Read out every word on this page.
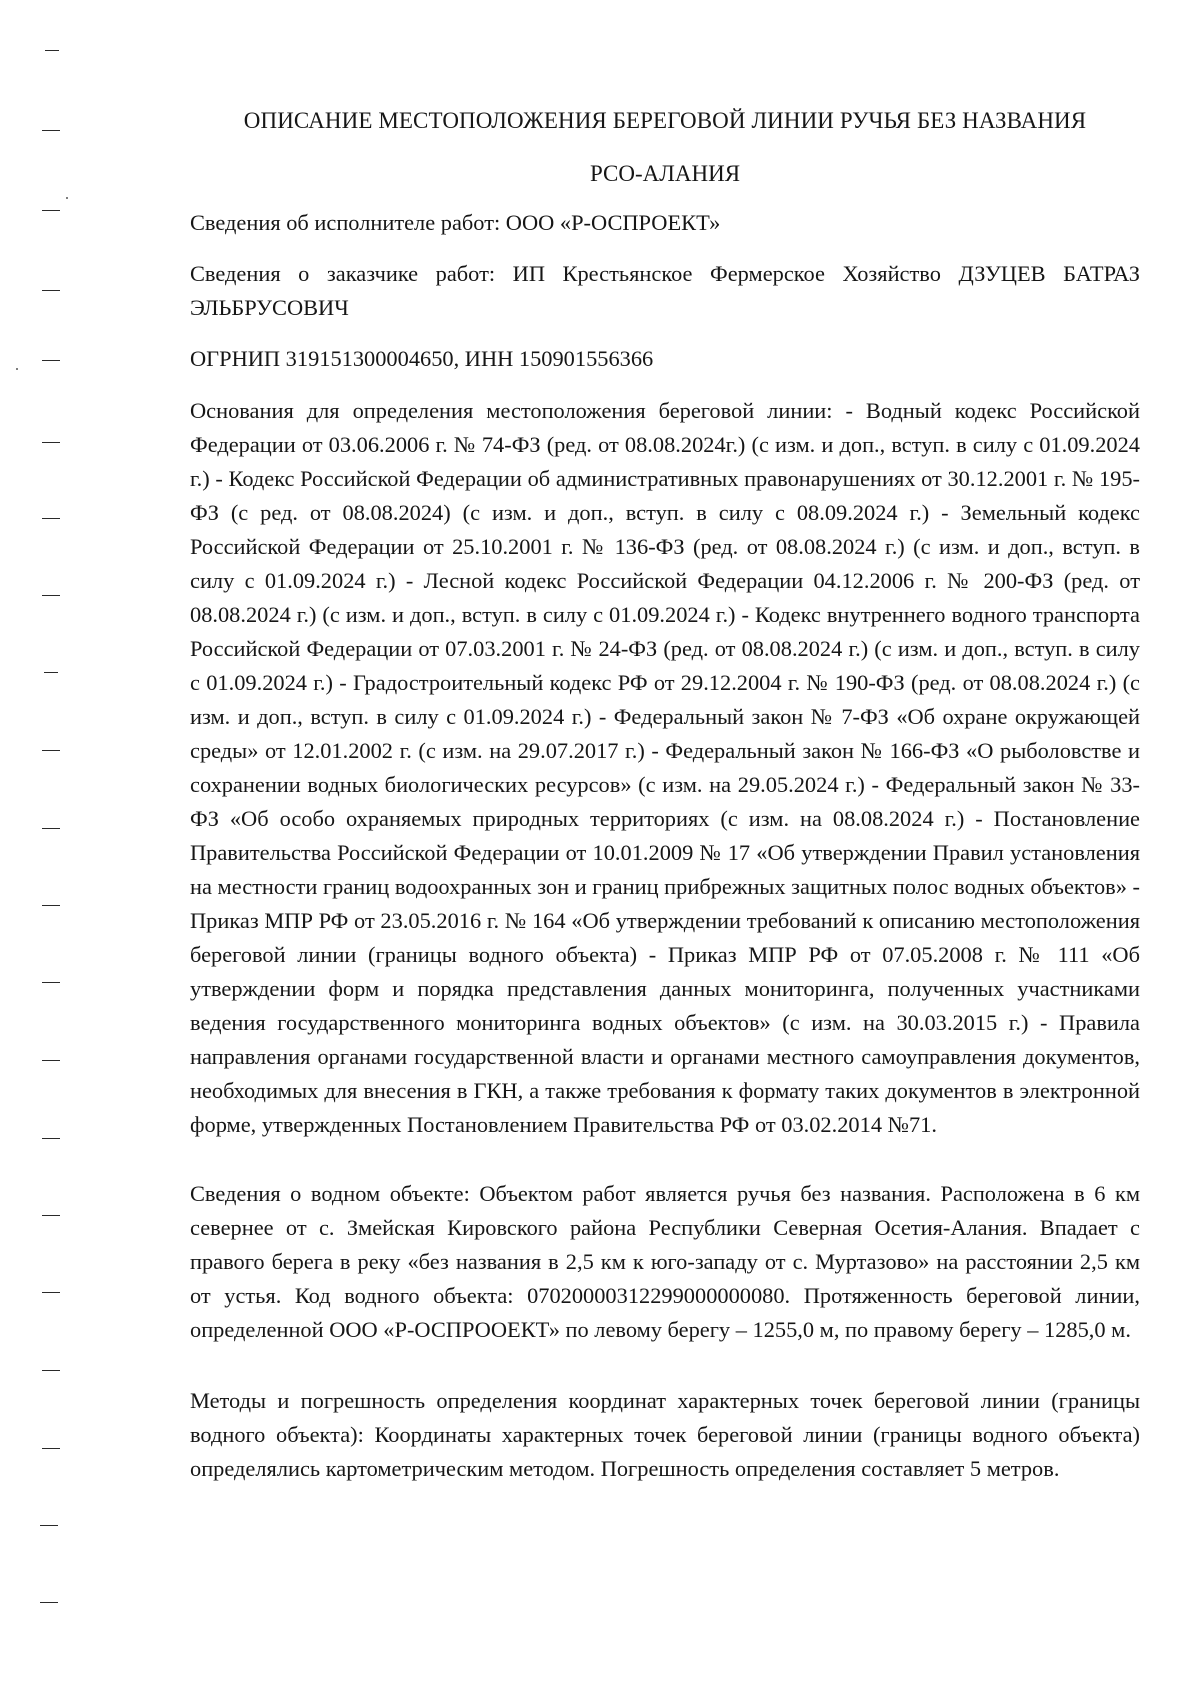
ОПИСАНИЕ МЕСТОПОЛОЖЕНИЯ БЕРЕГОВОЙ ЛИНИИ РУЧЬЯ БЕЗ НАЗВАНИЯ
РСО-АЛАНИЯ

Сведения об исполнителе работ: ООО «Р-ОСПРОЕКТ»

Сведения о заказчике работ: ИП Крестьянское Фермерское Хозяйство ДЗУЦЕВ БАТРАЗ ЭЛЬБРУСОВИЧ

ОГРНИП 319151300004650, ИНН 150901556366

Основания для определения местоположения береговой линии: - Водный кодекс Российской Федерации от 03.06.2006 г. № 74-ФЗ (ред. от 08.08.2024г.) (с изм. и доп., вступ. в силу с 01.09.2024 г.) - Кодекс Российской Федерации об административных правонарушениях от 30.12.2001 г. № 195-ФЗ (с ред. от 08.08.2024) (с изм. и доп., вступ. в силу с 08.09.2024 г.) - Земельный кодекс Российской Федерации от 25.10.2001 г. № 136-ФЗ (ред. от 08.08.2024 г.) (с изм. и доп., вступ. в силу с 01.09.2024 г.) - Лесной кодекс Российской Федерации 04.12.2006 г. № 200-ФЗ (ред. от 08.08.2024 г.) (с изм. и доп., вступ. в силу с 01.09.2024 г.) - Кодекс внутреннего водного транспорта Российской Федерации от 07.03.2001 г. № 24-ФЗ (ред. от 08.08.2024 г.) (с изм. и доп., вступ. в силу с 01.09.2024 г.) - Градостроительный кодекс РФ от 29.12.2004 г. № 190-ФЗ (ред. от 08.08.2024 г.) (с изм. и доп., вступ. в силу с 01.09.2024 г.) - Федеральный закон № 7-ФЗ «Об охране окружающей среды» от 12.01.2002 г. (с изм. на 29.07.2017 г.) - Федеральный закон № 166-ФЗ «О рыболовстве и сохранении водных биологических ресурсов» (с изм. на 29.05.2024 г.) - Федеральный закон № 33-ФЗ «Об особо охраняемых природных территориях (с изм. на 08.08.2024 г.) - Постановление Правительства Российской Федерации от 10.01.2009 № 17 «Об утверждении Правил установления на местности границ водоохранных зон и границ прибрежных защитных полос водных объектов» - Приказ МПР РФ от 23.05.2016 г. № 164 «Об утверждении требований к описанию местоположения береговой линии (границы водного объекта) - Приказ МПР РФ от 07.05.2008 г. № 111 «Об утверждении форм и порядка представления данных мониторинга, полученных участниками ведения государственного мониторинга водных объектов» (с изм. на 30.03.2015 г.) - Правила направления органами государственной власти и органами местного самоуправления документов, необходимых для внесения в ГКН, а также требования к формату таких документов в электронной форме, утвержденных Постановлением Правительства РФ от 03.02.2014 №71.

Сведения о водном объекте: Объектом работ является ручья без названия. Расположена в 6 км севернее от с. Змейская Кировского района Республики Северная Осетия-Алания. Впадает с правого берега в реку «без названия в 2,5 км к юго-западу от с. Муртазово» на расстоянии 2,5 км от устья. Код водного объекта: 07020000312299000000080. Протяженность береговой линии, определенной ООО «Р-ОСПРООЕКТ» по левому берегу – 1255,0 м, по правому берегу – 1285,0 м.

Методы и погрешность определения координат характерных точек береговой линии (границы водного объекта): Координаты характерных точек береговой линии (границы водного объекта) определялись картометрическим методом. Погрешность определения составляет 5 метров.
